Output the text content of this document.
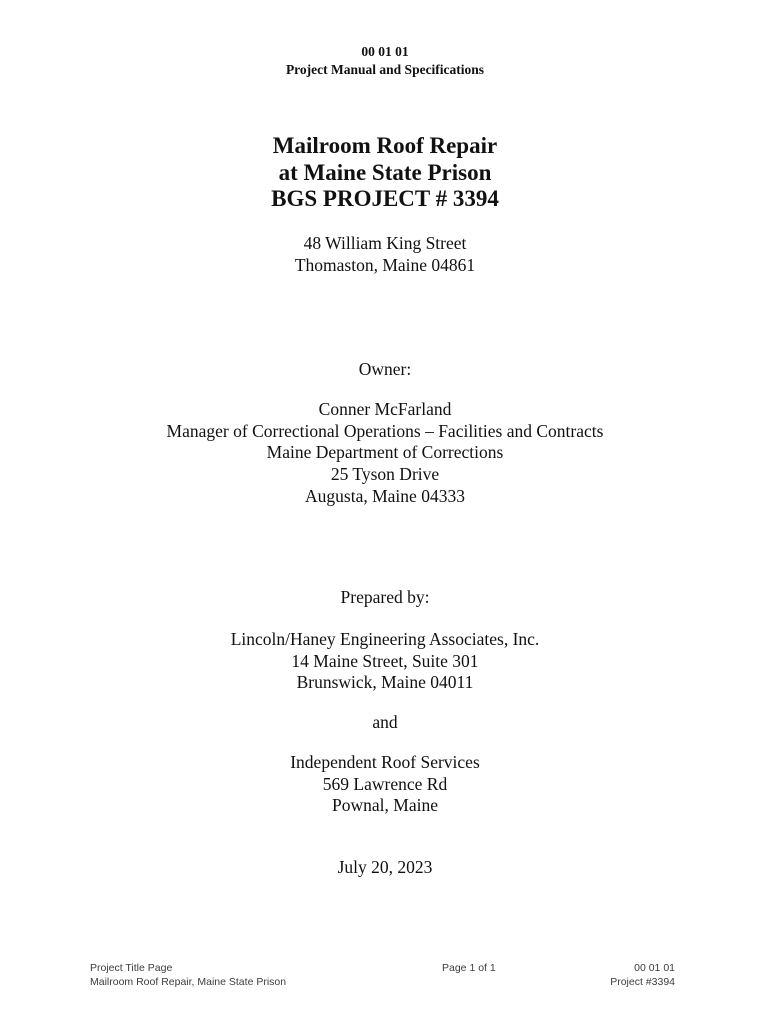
00 01 01
Project Manual and Specifications
Mailroom Roof Repair
at Maine State Prison
BGS PROJECT # 3394
48 William King Street
Thomaston, Maine 04861
Owner:
Conner McFarland
Manager of Correctional Operations – Facilities and Contracts
Maine Department of Corrections
25 Tyson Drive
Augusta, Maine 04333
Prepared by:
Lincoln/Haney Engineering Associates, Inc.
14 Maine Street, Suite 301
Brunswick, Maine 04011
and
Independent Roof Services
569 Lawrence Rd
Pownal, Maine
July 20, 2023
Project Title Page
Mailroom Roof Repair, Maine State Prison
Page 1 of 1	00 01 01
Project #3394
